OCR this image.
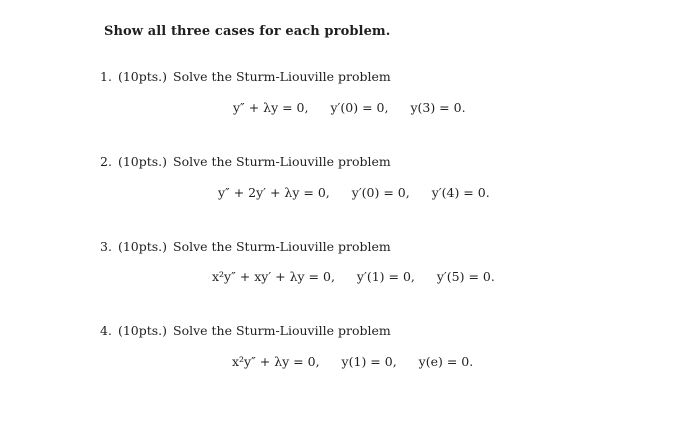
Show all three cases for each problem.
1. (10pts.) Solve the Sturm-Liouville problem
y″ + λy = 0, y′(0) = 0, y(3) = 0.
2. (10pts.) Solve the Sturm-Liouville problem
y″ + 2y′ + λy = 0, y′(0) = 0, y′(4) = 0.
3. (10pts.) Solve the Sturm-Liouville problem
x²y″ + xy′ + λy = 0, y′(1) = 0, y′(5) = 0.
4. (10pts.) Solve the Sturm-Liouville problem
x²y″ + λy = 0, y(1) = 0, y(e) = 0.
